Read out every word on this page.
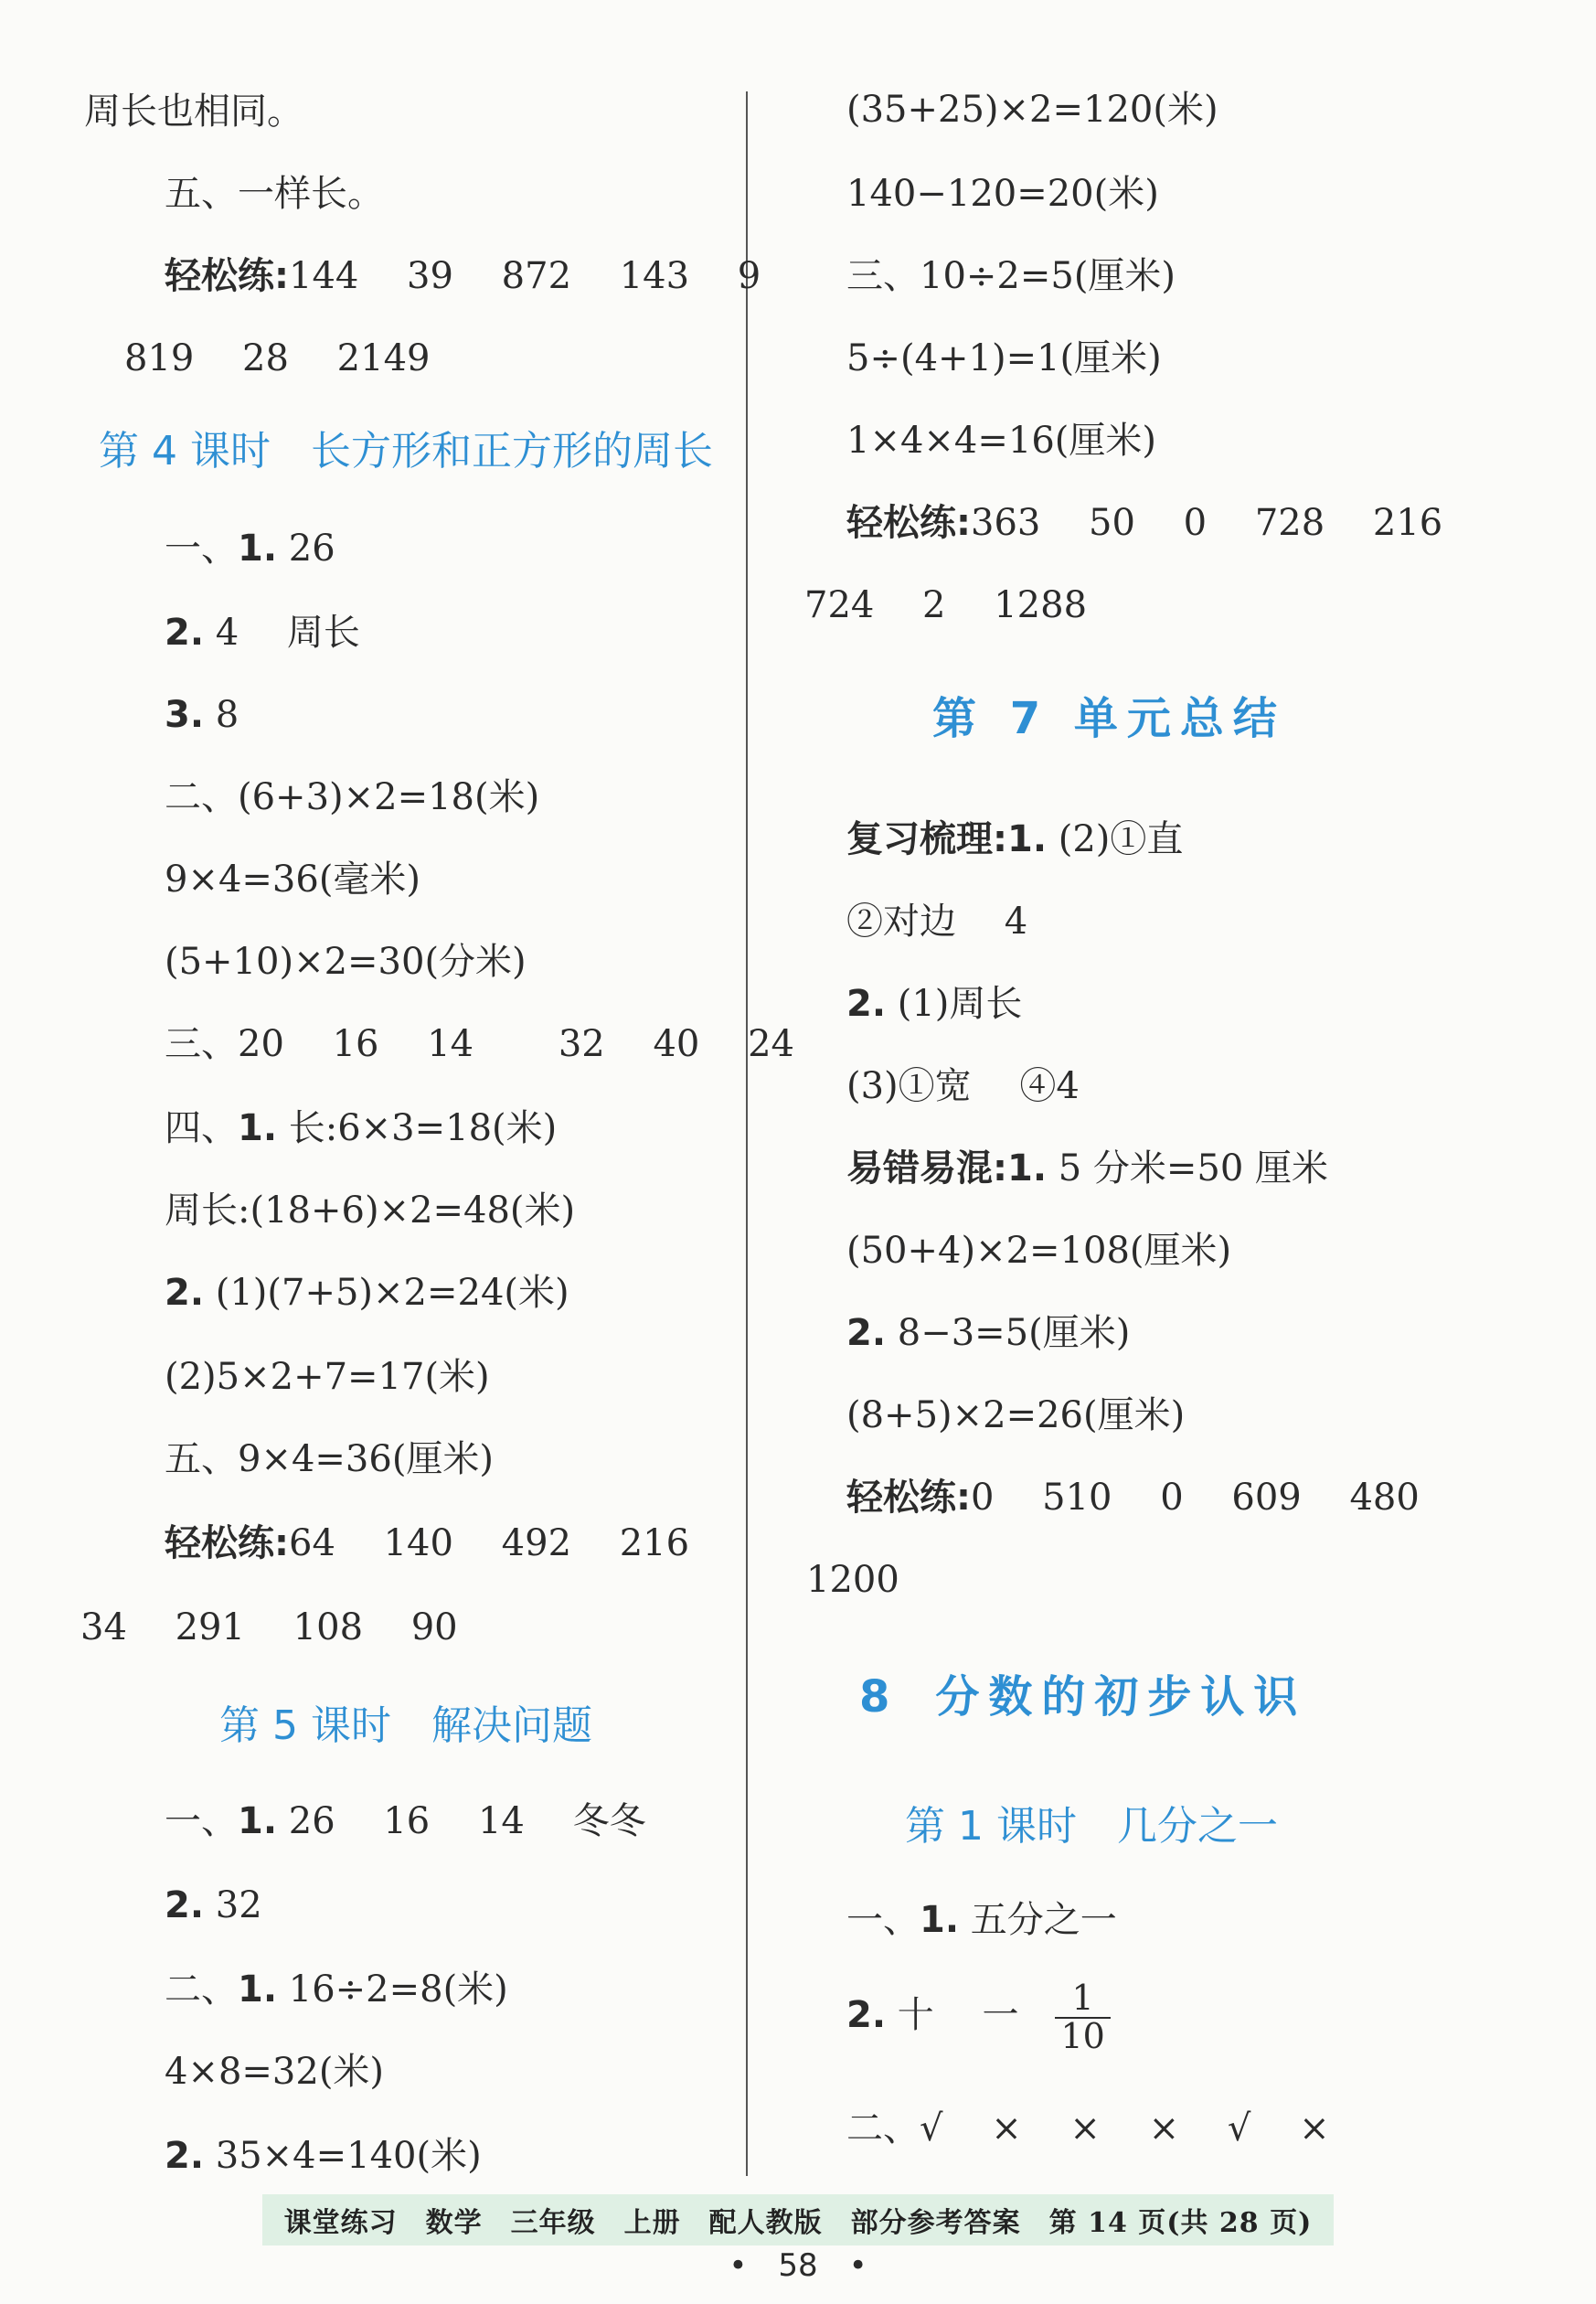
周长也相同。
五、一样长。
轻松练:144　 39　 872　 143　 9
819　 28　 2149
第 4 课时　长方形和正方形的周长
一、1. 26
2. 4　 周长
3. 8
二、(6+3)×2=18(米)
9×4=36(毫米)
(5+10)×2=30(分米)
三、20　 16　 14　　 32　 40　 24
四、1. 长:6×3=18(米)
周长:(18+6)×2=48(米)
2. (1)(7+5)×2=24(米)
(2)5×2+7=17(米)
五、9×4=36(厘米)
轻松练:64　 140　 492　 216
34　 291　 108　 90
第 5 课时　解决问题
一、1. 26　 16　 14　 冬冬
2. 32
二、1. 16÷2=8(米)
4×8=32(米)
2. 35×4=140(米)
(35+25)×2=120(米)
140−120=20(米)
三、10÷2=5(厘米)
5÷(4+1)=1(厘米)
1×4×4=16(厘米)
轻松练:363　 50　 0　 728　 216
724　 2　 1288
第 7 单元总结
复习梳理:1. (2)①直
②对边　 4
2. (1)周长
(3)①宽　 ④4
易错易混:1. 5 分米=50 厘米
(50+4)×2=108(厘米)
2. 8−3=5(厘米)
(8+5)×2=26(厘米)
轻松练:0　 510　 0　 609　 480
1200
8 分数的初步认识
第 1 课时　几分之一
一、1. 五分之一
2. 十　 一 $\frac{1}{10}$
二、√　 ×　 ×　 ×　 √　 ×
课堂练习　数学　三年级　上册　配人教版　部分参考答案　第 14 页(共 28 页)
•　58　•
